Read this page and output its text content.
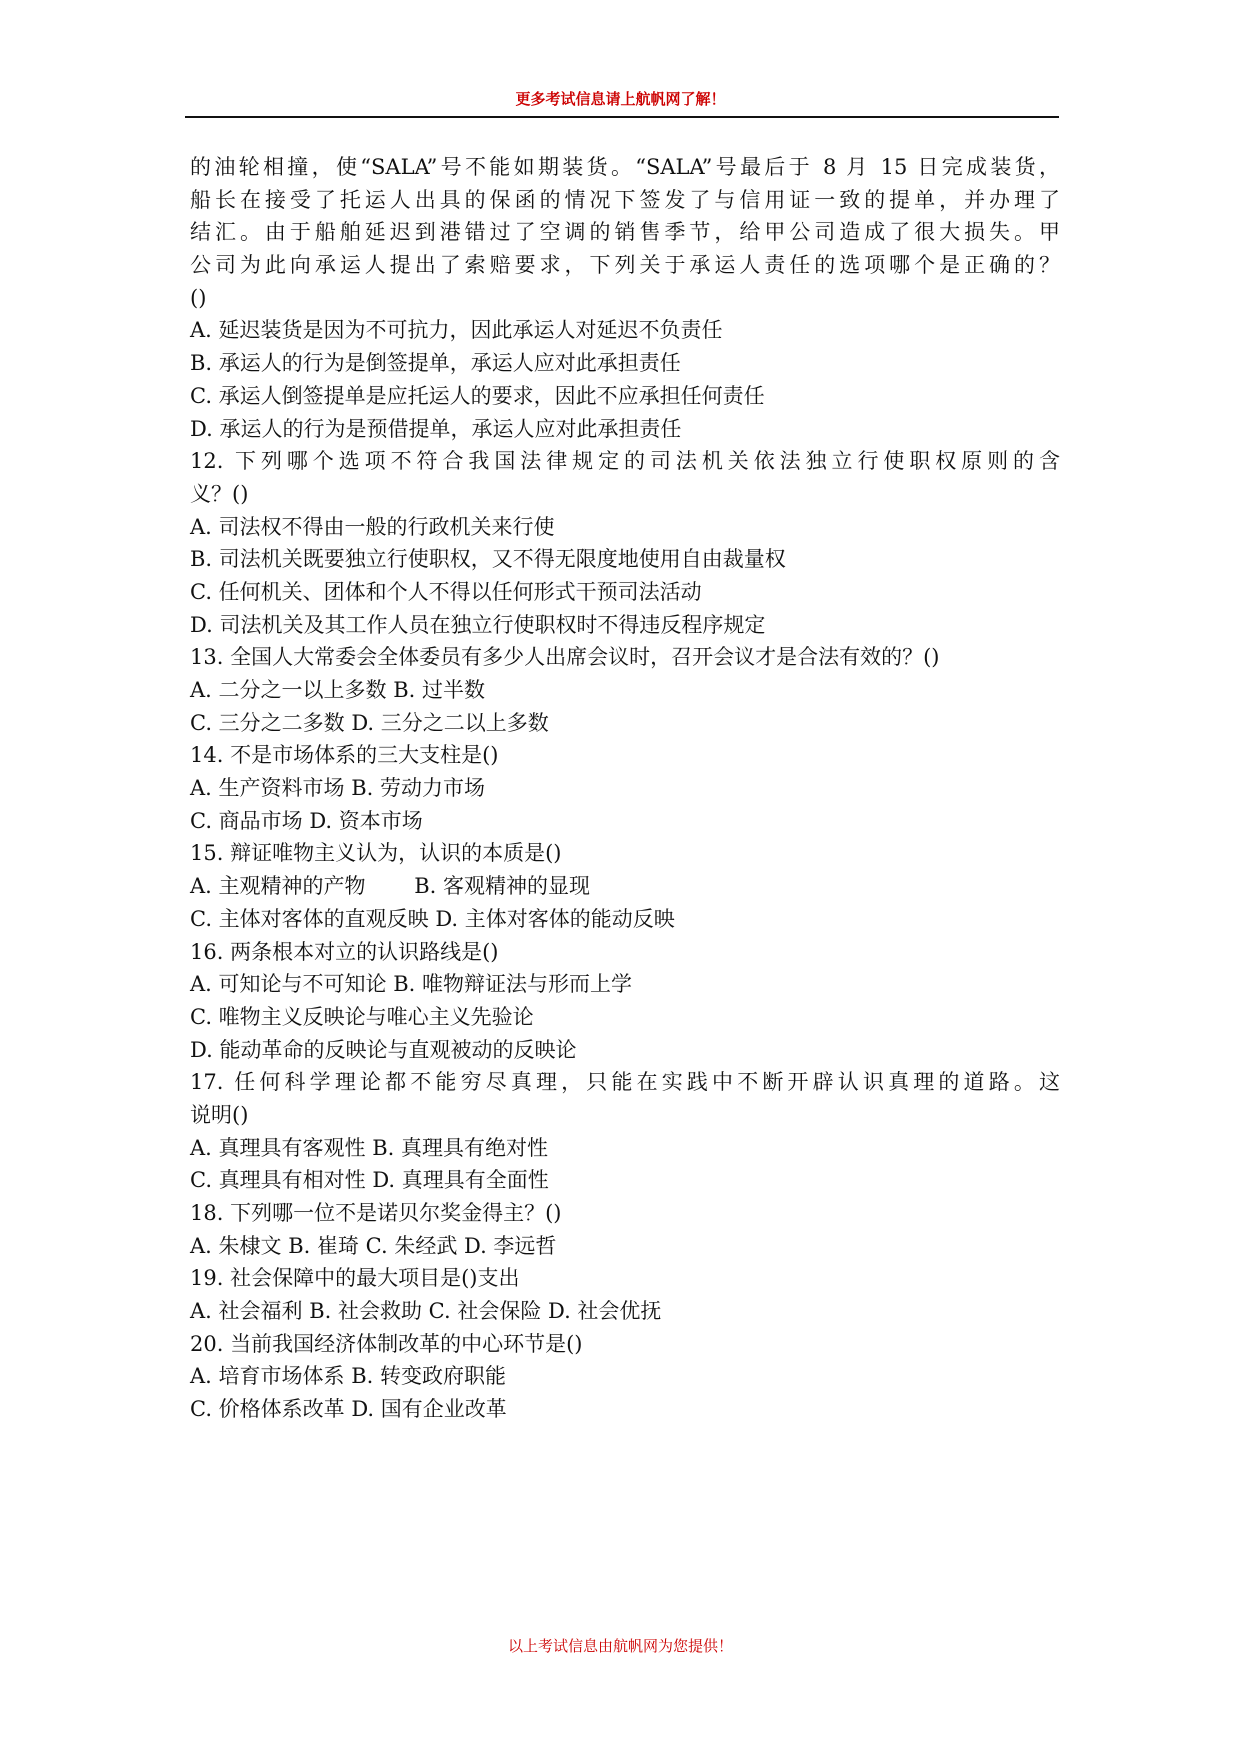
更多考试信息请上航帆网了解！
的油轮相撞，使“SALA”号不能如期装货。“SALA”号最后于 8 月 15 日完成装货，
船长在接受了托运人出具的保函的情况下签发了与信用证一致的提单，并办理了
结汇。由于船舶延迟到港错过了空调的销售季节，给甲公司造成了很大损失。甲
公司为此向承运人提出了索赔要求，下列关于承运人责任的选项哪个是正确的？
()
A. 延迟装货是因为不可抗力，因此承运人对延迟不负责任
B. 承运人的行为是倒签提单，承运人应对此承担责任
C. 承运人倒签提单是应托运人的要求，因此不应承担任何责任
D. 承运人的行为是预借提单，承运人应对此承担责任
12. 下列哪个选项不符合我国法律规定的司法机关依法独立行使职权原则的含
义？()
A. 司法权不得由一般的行政机关来行使
B. 司法机关既要独立行使职权，又不得无限度地使用自由裁量权
C. 任何机关、团体和个人不得以任何形式干预司法活动
D. 司法机关及其工作人员在独立行使职权时不得违反程序规定
13. 全国人大常委会全体委员有多少人出席会议时，召开会议才是合法有效的？()
A. 二分之一以上多数 B. 过半数
C. 三分之二多数 D. 三分之二以上多数
14. 不是市场体系的三大支柱是()
A. 生产资料市场 B. 劳动力市场
C. 商品市场 D. 资本市场
15. 辩证唯物主义认为，认识的本质是()
A. 主观精神的产物　　 B. 客观精神的显现
C. 主体对客体的直观反映 D. 主体对客体的能动反映
16. 两条根本对立的认识路线是()
A. 可知论与不可知论 B. 唯物辩证法与形而上学
C. 唯物主义反映论与唯心主义先验论
D. 能动革命的反映论与直观被动的反映论
17. 任何科学理论都不能穷尽真理，只能在实践中不断开辟认识真理的道路。这
说明()
A. 真理具有客观性 B. 真理具有绝对性
C. 真理具有相对性 D. 真理具有全面性
18. 下列哪一位不是诺贝尔奖金得主？()
A. 朱棣文 B. 崔琦 C. 朱经武 D. 李远哲
19. 社会保障中的最大项目是()支出
A. 社会福利 B. 社会救助 C. 社会保险 D. 社会优抚
20. 当前我国经济体制改革的中心环节是()
A. 培育市场体系 B. 转变政府职能
C. 价格体系改革 D. 国有企业改革
以上考试信息由航帆网为您提供！
